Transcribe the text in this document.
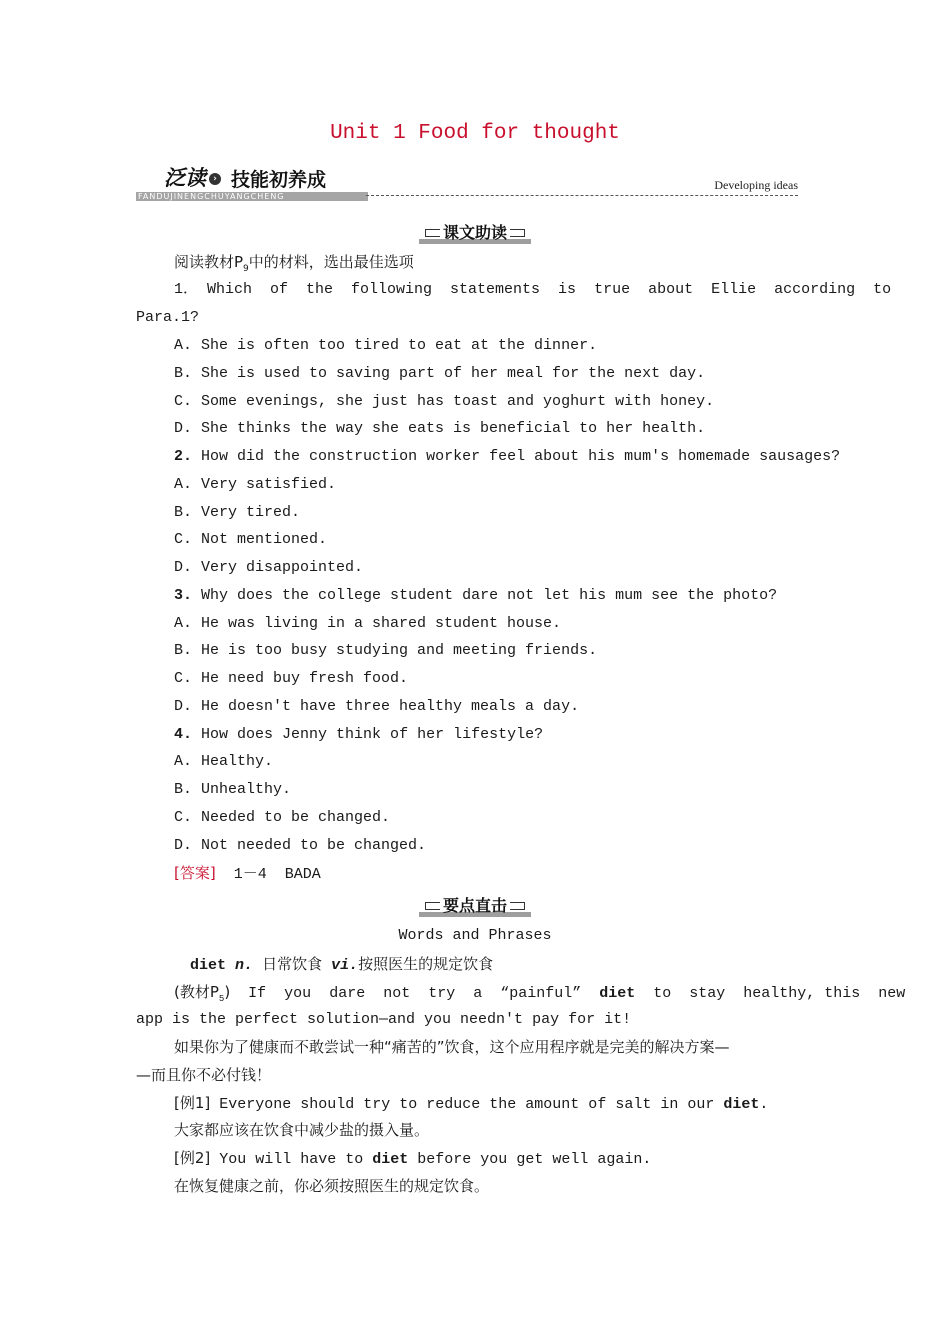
Unit 1 Food for thought
泛读 › 技能初养成
FANDUJINENGCHUYANGCHENG
Developing ideas
课文助读
阅读教材$P_9$中的材料，选出最佳选项
1． Which  of  the  following  statements  is  true  about  Ellie  according  to
Para.1?
A. She is often too tired to eat at the dinner.
B. She is used to saving part of her meal for the next day.
C. Some evenings, she just has toast and yoghurt with honey.
D. She thinks the way she eats is beneficial to her health.
2. How did the construction worker feel about his mum's homemade sausages?
A. Very satisfied.
B. Very tired.
C. Not mentioned.
D. Very disappointed.
3. Why does the college student dare not let his mum see the photo?
A. He was living in a shared student house.
B. He is too busy studying and meeting friends.
C. He need buy fresh food.
D. He doesn't have three healthy meals a day.
4. How does Jenny think of her lifestyle?
A. Healthy.
B. Unhealthy.
C. Needed to be changed.
D. Not needed to be changed.
[答案] 1－4  BADA
要点直击
Words and Phrases
diet n. 日常饮食 vi.按照医生的规定饮食
(教材$P_5$)  If  you  dare  not  try  a  “painful”  diet  to  stay  healthy, this  new
app is the perfect solution—and you needn't pay for it!
如果你为了健康而不敢尝试一种“痛苦的”饮食，这个应用程序就是完美的解决方案—
—而且你不必付钱！
[例1] Everyone should try to reduce the amount of salt in our diet.
大家都应该在饮食中减少盐的摄入量。
[例2] You will have to diet before you get well again.
在恢复健康之前，你必须按照医生的规定饮食。
